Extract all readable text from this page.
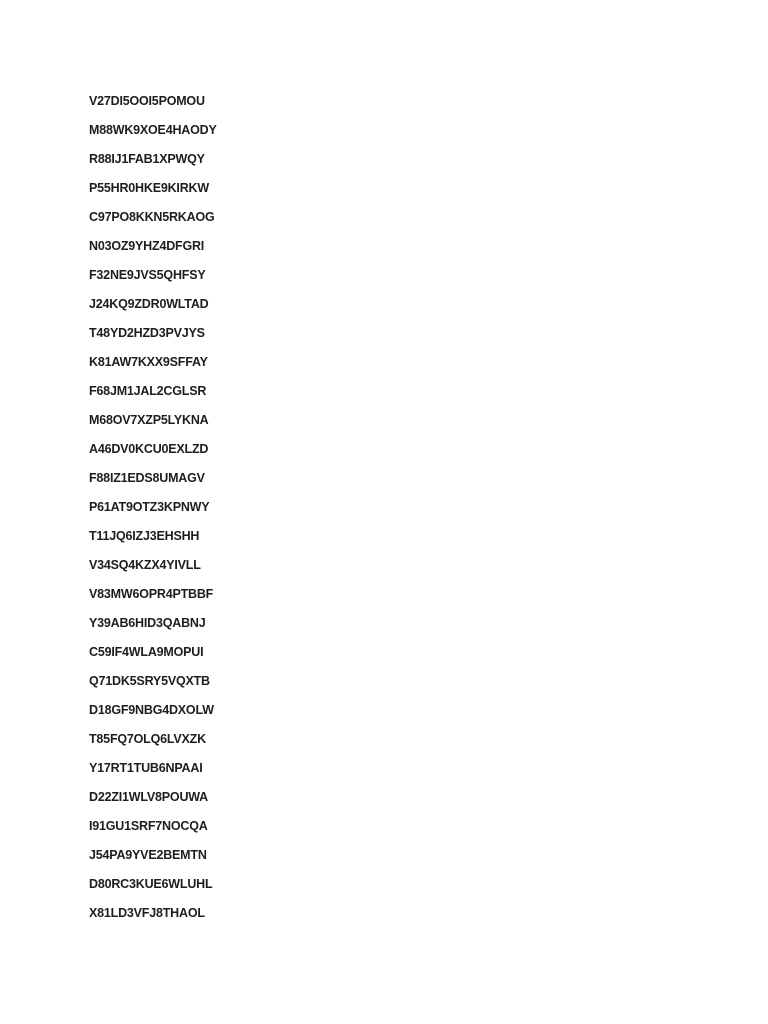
V27DI5OOI5POMOU
M88WK9XOE4HAODY
R88IJ1FAB1XPWQY
P55HR0HKE9KIRKW
C97PO8KKN5RKAOG
N03OZ9YHZ4DFGRI
F32NE9JVS5QHFSY
J24KQ9ZDR0WLTAD
T48YD2HZD3PVJYS
K81AW7KXX9SFFAY
F68JM1JAL2CGLSR
M68OV7XZP5LYKNA
A46DV0KCU0EXLZD
F88IZ1EDS8UMAGV
P61AT9OTZ3KPNWY
T11JQ6IZJ3EHSHH
V34SQ4KZX4YIVLL
V83MW6OPR4PTBBF
Y39AB6HID3QABNJ
C59IF4WLA9MOPUI
Q71DK5SRY5VQXTB
D18GF9NBG4DXOLW
T85FQ7OLQ6LVXZK
Y17RT1TUB6NPAAI
D22ZI1WLV8POUWA
I91GU1SRF7NOCQA
J54PA9YVE2BEMTN
D80RC3KUE6WLUHL
X81LD3VFJ8THAOL
